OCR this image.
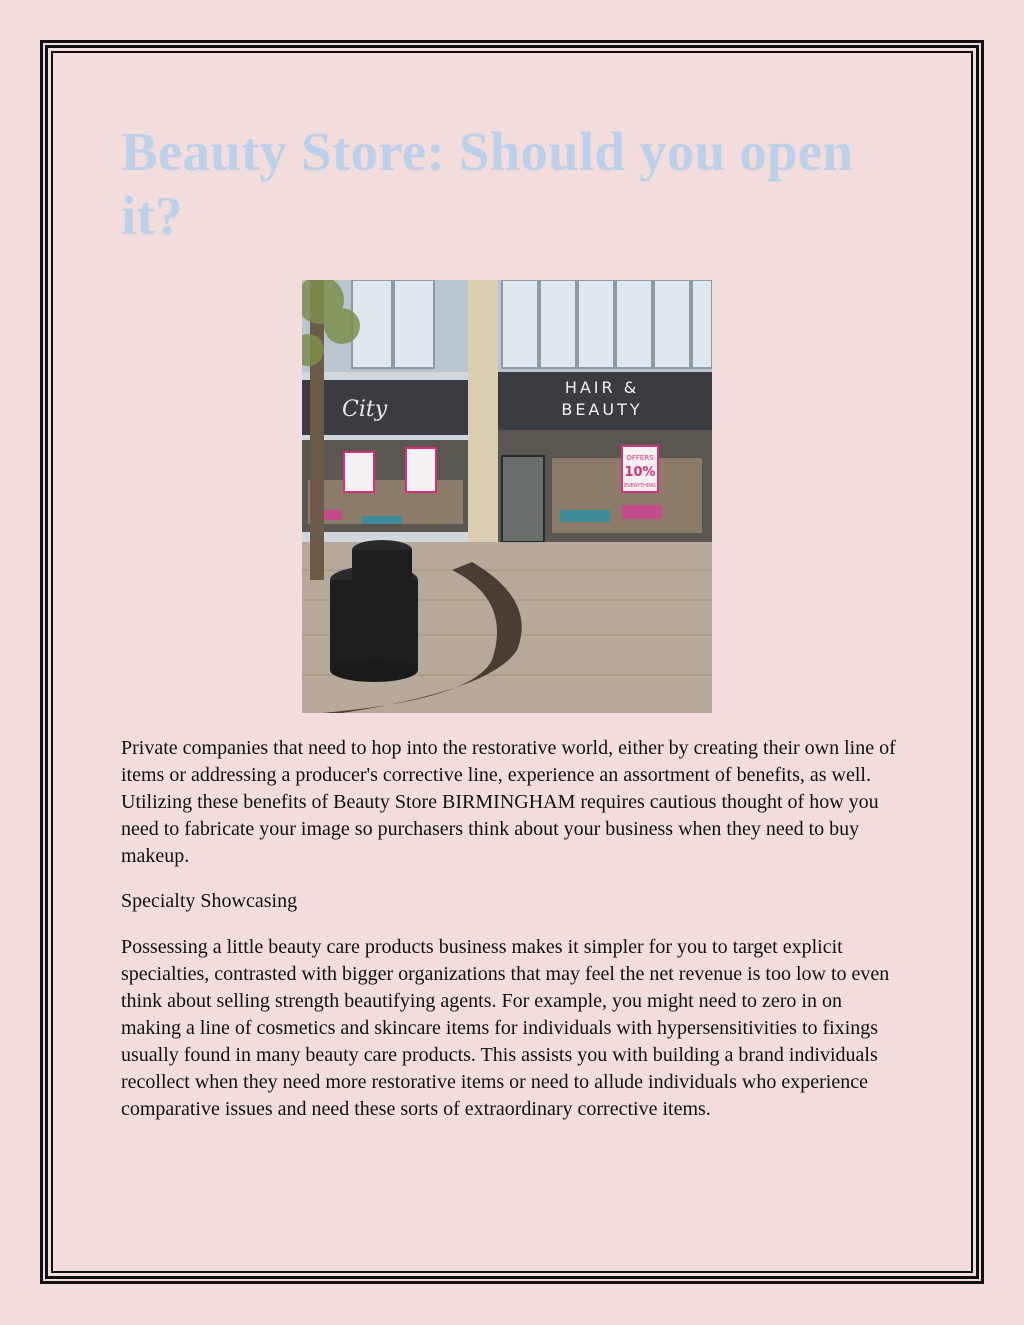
Beauty Store: Should you open it?
City
HAIR &
BEAUTY
OFFERS
10%
EVERYTHING

Private companies that need to hop into the restorative world, either by creating their own line of items or addressing a producer's corrective line, experience an assortment of benefits, as well. Utilizing these benefits of Beauty Store BIRMINGHAM requires cautious thought of how you need to fabricate your image so purchasers think about your business when they need to buy makeup.

Specialty Showcasing

Possessing a little beauty care products business makes it simpler for you to target explicit specialties, contrasted with bigger organizations that may feel the net revenue is too low to even think about selling strength beautifying agents. For example, you might need to zero in on making a line of cosmetics and skincare items for individuals with hypersensitivities to fixings usually found in many beauty care products. This assists you with building a brand individuals recollect when they need more restorative items or need to allude individuals who experience comparative issues and need these sorts of extraordinary corrective items.
